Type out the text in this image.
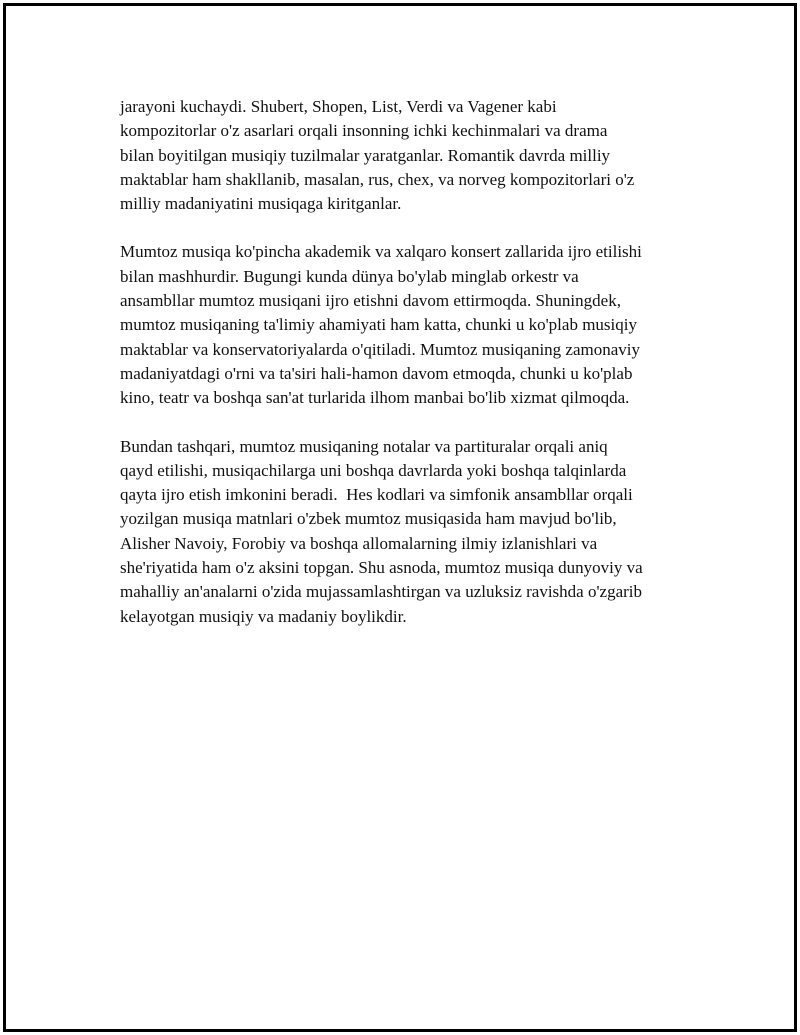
jarayoni kuchaydi. Shubert, Shopen, List, Verdi va Vagener kabi
kompozitorlar o'z asarlari orqali insonning ichki kechinmalari va drama
bilan boyitilgan musiqiy tuzilmalar yaratganlar. Romantik davrda milliy
maktablar ham shakllanib, masalan, rus, chex, va norveg kompozitorlari o'z
milliy madaniyatini musiqaga kiritganlar.

Mumtoz musiqa ko'pincha akademik va xalqaro konsert zallarida ijro etilishi
bilan mashhurdir. Bugungi kunda dünya bo'ylab minglab orkestr va
ansambllar mumtoz musiqani ijro etishni davom ettirmoqda. Shuningdek,
mumtoz musiqaning ta'limiy ahamiyati ham katta, chunki u ko'plab musiqiy
maktablar va konservatoriyalarda o'qitiladi. Mumtoz musiqaning zamonaviy
madaniyatdagi o'rni va ta'siri hali-hamon davom etmoqda, chunki u ko'plab
kino, teatr va boshqa san'at turlarida ilhom manbai bo'lib xizmat qilmoqda.

Bundan tashqari, mumtoz musiqaning notalar va partituralar orqali aniq
qayd etilishi, musiqachilarga uni boshqa davrlarda yoki boshqa talqinlarda
qayta ijro etish imkonini beradi.  Hes kodlari va simfonik ansambllar orqali
yozilgan musiqa matnlari o'zbek mumtoz musiqasida ham mavjud bo'lib,
Alisher Navoiy, Forobiy va boshqa allomalarning ilmiy izlanishlari va
she'riyatida ham o'z aksini topgan. Shu asnoda, mumtoz musiqa dunyoviy va
mahalliy an'analarni o'zida mujassamlashtirgan va uzluksiz ravishda o'zgarib
kelayotgan musiqiy va madaniy boylikdir.
